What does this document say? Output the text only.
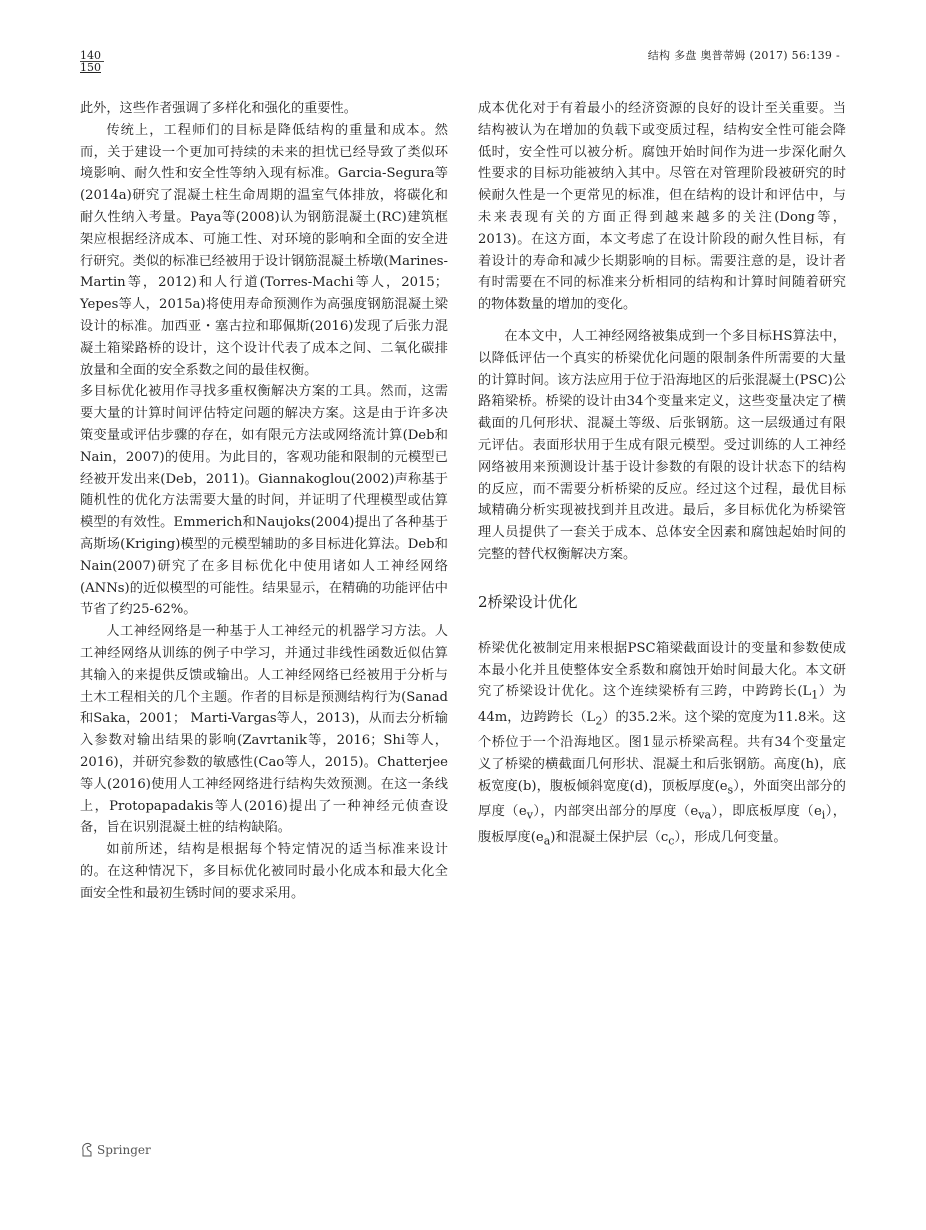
140
150
结构 多盘 奥普蒂姆 (2017) 56:139 -

此外，这些作者强调了多样化和强化的重要性。

传统上，工程师们的目标是降低结构的重量和成本。然而，关于建设一个更加可持续的未来的担忧已经导致了类似环境影响、耐久性和安全性等纳入现有标准。Garcia-Segura等(2014a)研究了混凝土柱生命周期的温室气体排放，将碳化和耐久性纳入考量。Paya等(2008)认为钢筋混凝土(RC)建筑框架应根据经济成本、可施工性、对环境的影响和全面的安全进行研究。类似的标准已经被用于设计钢筋混凝土桥墩(Marines-Martin等，2012)和人行道(Torres-Machi等人，2015；Yepes等人，2015a)将使用寿命预测作为高强度钢筋混凝土梁设计的标准。加西亚・塞古拉和耶佩斯(2016)发现了后张力混凝土箱梁路桥的设计，这个设计代表了成本之间、二氧化碳排放量和全面的安全系数之间的最佳权衡。

多目标优化被用作寻找多重权衡解决方案的工具。然而，这需要大量的计算时间评估特定问题的解决方案。这是由于许多决策变量或评估步骤的存在，如有限元方法或网络流计算(Deb和Nain，2007)的使用。为此目的，客观功能和限制的元模型已经被开发出来(Deb，2011)。Giannakoglou(2002)声称基于随机性的优化方法需要大量的时间，并证明了代理模型或估算模型的有效性。Emmerich和Naujoks(2004)提出了各种基于高斯场(Kriging)模型的元模型辅助的多目标进化算法。Deb和Nain(2007)研究了在多目标优化中使用诸如人工神经网络(ANNs)的近似模型的可能性。结果显示，在精确的功能评估中节省了约25-62%。

人工神经网络是一种基于人工神经元的机器学习方法。人工神经网络从训练的例子中学习，并通过非线性函数近似估算其输入的来提供反馈或输出。人工神经网络已经被用于分析与土木工程相关的几个主题。作者的目标是预测结构行为(Sanad和Saka，2001； Marti-Vargas等人，2013)，从而去分析输入参数对输出结果的影响(Zavrtanik等，2016；Shi等人，2016)，并研究参数的敏感性(Cao等人，2015)。Chatterjee等人(2016)使用人工神经网络进行结构失效预测。在这一条线上，Protopapadakis等人(2016)提出了一种神经元侦查设备，旨在识别混凝土桩的结构缺陷。

如前所述，结构是根据每个特定情况的适当标准来设计的。在这种情况下，多目标优化被同时最小化成本和最大化全面安全性和最初生锈时间的要求采用。

成本优化对于有着最小的经济资源的良好的设计至关重要。当结构被认为在增加的负载下或变质过程，结构安全性可能会降低时，安全性可以被分析。腐蚀开始时间作为进一步深化耐久性要求的目标功能被纳入其中。尽管在对管理阶段被研究的时候耐久性是一个更常见的标准，但在结构的设计和评估中，与未来表现有关的方面正得到越来越多的关注(Dong等，2013)。在这方面，本文考虑了在设计阶段的耐久性目标，有着设计的寿命和减少长期影响的目标。需要注意的是，设计者有时需要在不同的标准来分析相同的结构和计算时间随着研究的物体数量的增加的变化。

在本文中，人工神经网络被集成到一个多目标HS算法中，以降低评估一个真实的桥梁优化问题的限制条件所需要的大量的计算时间。该方法应用于位于沿海地区的后张混凝土(PSC)公路箱梁桥。桥梁的设计由34个变量来定义，这些变量决定了横截面的几何形状、混凝土等级、后张钢筋。这一层级通过有限元评估。表面形状用于生成有限元模型。受过训练的人工神经网络被用来预测设计基于设计参数的有限的设计状态下的结构的反应，而不需要分析桥梁的反应。经过这个过程，最优目标域精确分析实现被找到并且改进。最后，多目标优化为桥梁管理人员提供了一套关于成本、总体安全因素和腐蚀起始时间的完整的替代权衡解决方案。

2桥梁设计优化

桥梁优化被制定用来根据PSC箱梁截面设计的变量和参数使成本最小化并且使整体安全系数和腐蚀开始时间最大化。本文研究了桥梁设计优化。这个连续梁桥有三跨，中跨跨长$(L_1)$为44m，边跨跨长$(L_2)$的35.2米。这个梁的宽度为11.8米。这个桥位于一个沿海地区。图1显示桥梁高程。共有34个变量定义了桥梁的横截面几何形状、混凝土和后张钢筋。高度(h)，底板宽度(b)，腹板倾斜宽度(d)，顶板厚度$(e_s)$，外面突出部分的厚度$(e_v)$，内部突出部分的厚度$(e_{va})$，即底板厚度$(e_i)$，腹板厚度$(e_a)$和混凝土保护层$(c_c)$，形成几何变量。

Springer
